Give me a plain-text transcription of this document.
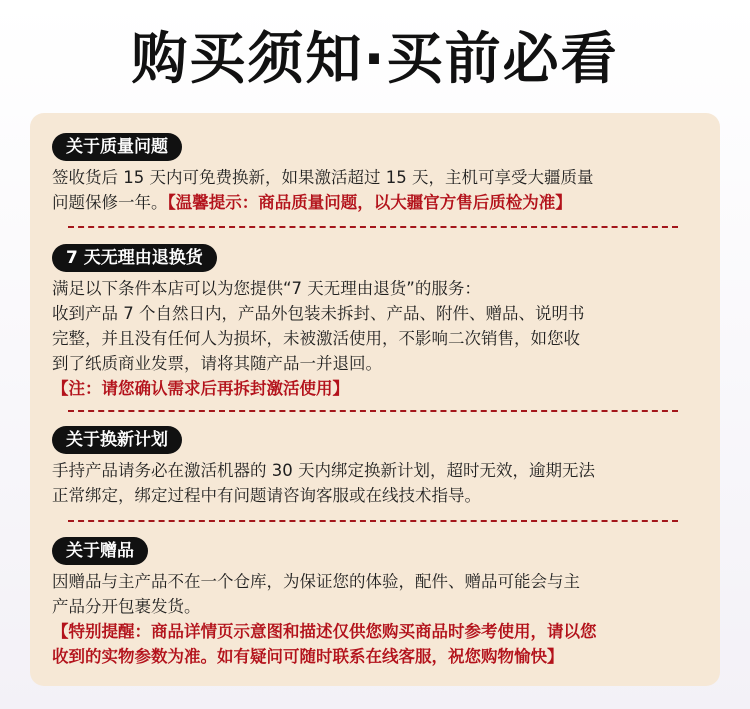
购买须知·买前必看
关于质量问题
签收货后 15 天内可免费换新，如果激活超过 15 天，主机可享受大疆质量
问题保修一年。【温馨提示：商品质量问题，以大疆官方售后质检为准】
7 天无理由退换货
满足以下条件本店可以为您提供“7 天无理由退货”的服务：
收到产品 7 个自然日内，产品外包装未拆封、产品、附件、赠品、说明书
完整，并且没有任何人为损坏，未被激活使用，不影响二次销售，如您收
到了纸质商业发票，请将其随产品一并退回。
【注：请您确认需求后再拆封激活使用】
关于换新计划
手持产品请务必在激活机器的 30 天内绑定换新计划，超时无效，逾期无法
正常绑定，绑定过程中有问题请咨询客服或在线技术指导。
关于赠品
因赠品与主产品不在一个仓库，为保证您的体验，配件、赠品可能会与主
产品分开包裹发货。
【特别提醒：商品详情页示意图和描述仅供您购买商品时参考使用，请以您
收到的实物参数为准。如有疑问可随时联系在线客服，祝您购物愉快】
